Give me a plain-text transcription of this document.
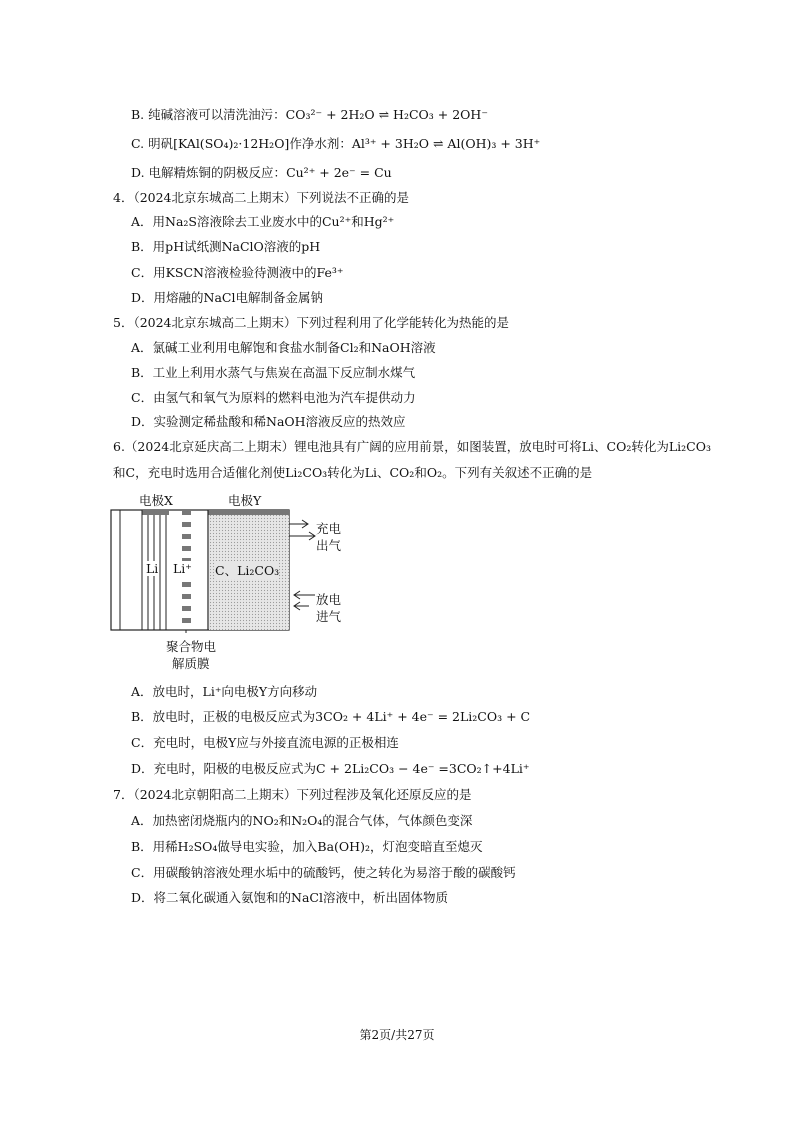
B. 纯碱溶液可以清洗油污：CO₃²⁻ + 2H₂O ⇌ H₂CO₃ + 2OH⁻
C. 明矾[KAl(SO₄)₂·12H₂O]作净水剂：Al³⁺ + 3H₂O ⇌ Al(OH)₃ + 3H⁺
D. 电解精炼铜的阴极反应：Cu²⁺ + 2e⁻ = Cu
4．（2024北京东城高二上期末）下列说法不正确的是
A．用Na₂S溶液除去工业废水中的Cu²⁺和Hg²⁺
B．用pH试纸测NaClO溶液的pH
C．用KSCN溶液检验待测液中的Fe³⁺
D．用熔融的NaCl电解制备金属钠
5．（2024北京东城高二上期末）下列过程利用了化学能转化为热能的是
A．氯碱工业利用电解饱和食盐水制备Cl₂和NaOH溶液
B．工业上利用水蒸气与焦炭在高温下反应制水煤气
C．由氢气和氧气为原料的燃料电池为汽车提供动力
D．实验测定稀盐酸和稀NaOH溶液反应的热效应
6.（2024北京延庆高二上期末）锂电池具有广阔的应用前景，如图装置，放电时可将Li、CO₂转化为Li₂CO₃
和C，充电时选用合适催化剂使Li₂CO₃转化为Li、CO₂和O₂。下列有关叙述不正确的是
电极X	电极Y
Li Li⁺ C、Li₂CO₃
充电
出气
放电
进气
聚合物电
解质膜
A．放电时，Li⁺向电极Y方向移动
B．放电时，正极的电极反应式为3CO₂ + 4Li⁺ + 4e⁻ = 2Li₂CO₃ + C
C．充电时，电极Y应与外接直流电源的正极相连
D．充电时，阳极的电极反应式为C + 2Li₂CO₃ − 4e⁻ =3CO₂↑+4Li⁺
7．（2024北京朝阳高二上期末）下列过程涉及氧化还原反应的是
A．加热密闭烧瓶内的NO₂和N₂O₄的混合气体，气体颜色变深
B．用稀H₂SO₄做导电实验，加入Ba(OH)₂，灯泡变暗直至熄灭
C．用碳酸钠溶液处理水垢中的硫酸钙，使之转化为易溶于酸的碳酸钙
D．将二氧化碳通入氨饱和的NaCl溶液中，析出固体物质
第2页/共27页
